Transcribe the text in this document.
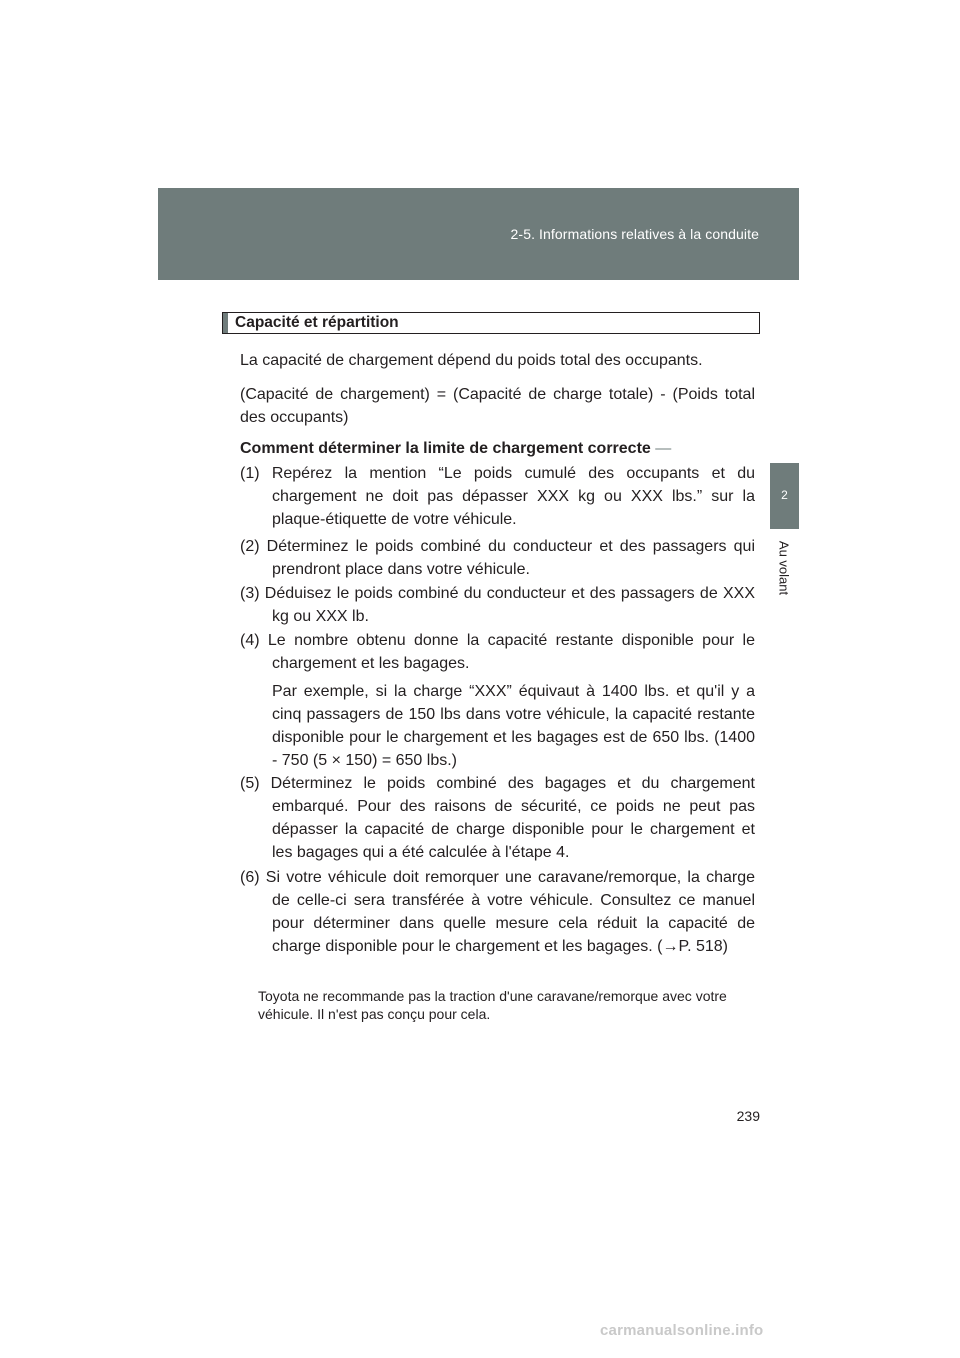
2-5. Informations relatives à la conduite
2
Au volant
Capacité et répartition
La capacité de chargement dépend du poids total des occupants.
(Capacité de chargement) = (Capacité de charge totale) - (Poids total des occupants)
Comment déterminer la limite de chargement correcte —
(1) Repérez la mention “Le poids cumulé des occupants et du chargement ne doit pas dépasser XXX kg ou XXX lbs.” sur la plaque-étiquette de votre véhicule.
(2) Déterminez le poids combiné du conducteur et des passagers qui prendront place dans votre véhicule.
(3) Déduisez le poids combiné du conducteur et des passagers de XXX kg ou XXX lb.
(4) Le nombre obtenu donne la capacité restante disponible pour le chargement et les bagages.
Par exemple, si la charge “XXX” équivaut à 1400 lbs. et qu'il y a cinq passagers de 150 lbs dans votre véhicule, la capacité restante disponible pour le chargement et les bagages est de 650 lbs. (1400 - 750 (5 × 150) = 650 lbs.)
(5) Déterminez le poids combiné des bagages et du chargement embarqué. Pour des raisons de sécurité, ce poids ne peut pas dépasser la capacité de charge disponible pour le chargement et les bagages qui a été calculée à l'étape 4.
(6) Si votre véhicule doit remorquer une caravane/remorque, la charge de celle-ci sera transférée à votre véhicule. Consultez ce manuel pour déterminer dans quelle mesure cela réduit la capacité de charge disponible pour le chargement et les bagages. (→P. 518)
Toyota ne recommande pas la traction d'une caravane/remorque avec votre véhicule. Il n'est pas conçu pour cela.
239
carmanualsonline.info
